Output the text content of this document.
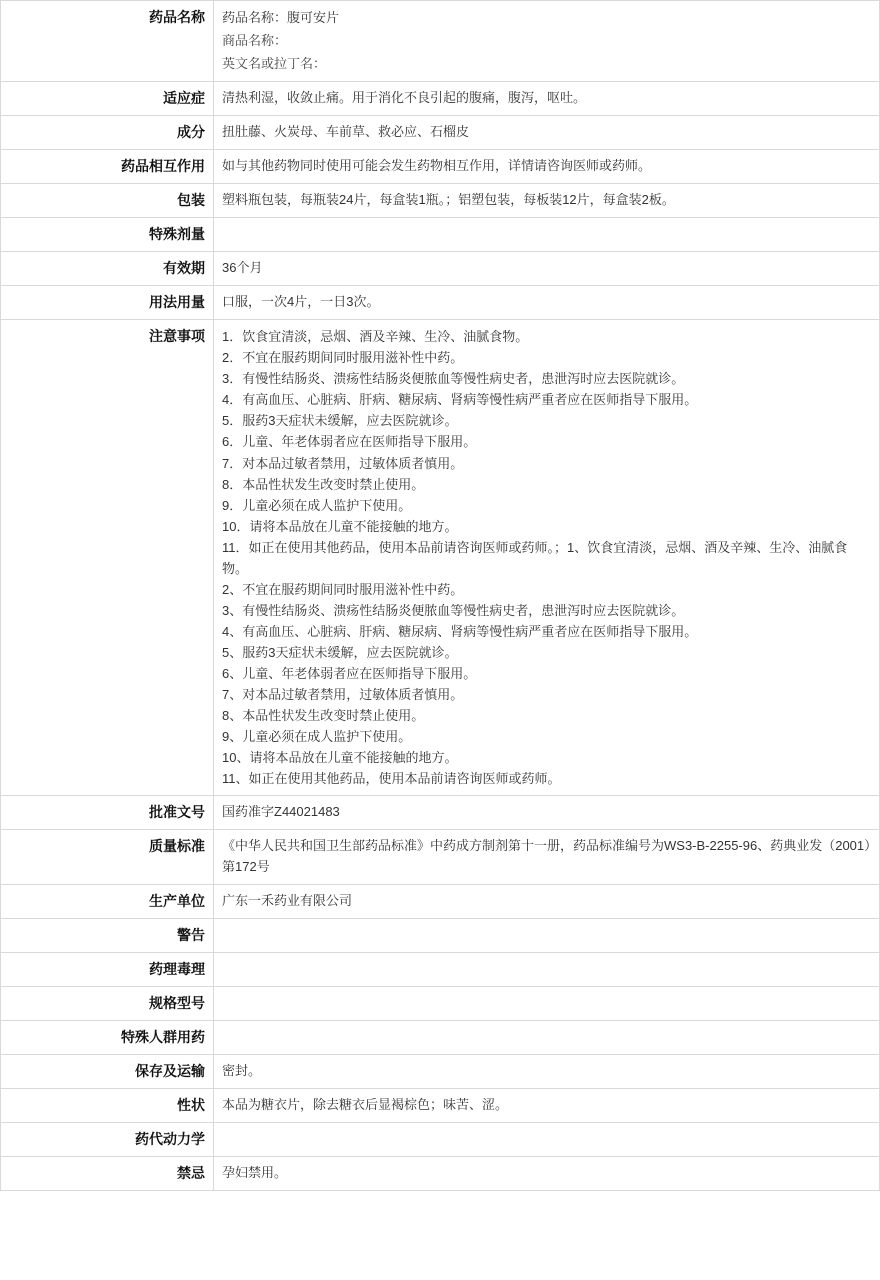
药品名称	药品名称：腹可安片
商品名称：
英文名或拉丁名：

适应症	清热利湿，收敛止痛。用于消化不良引起的腹痛，腹泻，呕吐。
成分	扭肚藤、火炭母、车前草、救必应、石榴皮
药品相互作用	如与其他药物同时使用可能会发生药物相互作用，详情请咨询医师或药师。
包装	塑料瓶包装，每瓶装24片，每盒装1瓶。；铝塑包装，每板装12片，每盒装2板。
特殊剂量	
有效期	36个月
用法用量	口服，一次4片，一日3次。
注意事项	1．饮食宜清淡，忌烟、酒及辛辣、生冷、油腻食物。
2．不宜在服药期间同时服用滋补性中药。
3．有慢性结肠炎、溃疡性结肠炎便脓血等慢性病史者，患泄泻时应去医院就诊。
4．有高血压、心脏病、肝病、糖尿病、肾病等慢性病严重者应在医师指导下服用。
5．服药3天症状未缓解，应去医院就诊。
6．儿童、年老体弱者应在医师指导下服用。
7．对本品过敏者禁用，过敏体质者慎用。
8．本品性状发生改变时禁止使用。
9．儿童必须在成人监护下使用。
10．请将本品放在儿童不能接触的地方。
11．如正在使用其他药品，使用本品前请咨询医师或药师。；1、饮食宜清淡，忌烟、酒及辛辣、生冷、油腻食物。
2、不宜在服药期间同时服用滋补性中药。
3、有慢性结肠炎、溃疡性结肠炎便脓血等慢性病史者，患泄泻时应去医院就诊。
4、有高血压、心脏病、肝病、糖尿病、肾病等慢性病严重者应在医师指导下服用。
5、服药3天症状未缓解，应去医院就诊。
6、儿童、年老体弱者应在医师指导下服用。
7、对本品过敏者禁用，过敏体质者慎用。
8、本品性状发生改变时禁止使用。
9、儿童必须在成人监护下使用。
10、请将本品放在儿童不能接触的地方。
11、如正在使用其他药品，使用本品前请咨询医师或药师。

批准文号	国药准字Z44021483
质量标准	《中华人民共和国卫生部药品标准》中药成方制剂第十一册，药品标准编号为WS3-B-2255-96、药典业发（2001）第172号
生产单位	广东一禾药业有限公司
警告	
药理毒理	
规格型号	
特殊人群用药	
保存及运输	密封。
性状	本品为糖衣片，除去糖衣后显褐棕色；味苦、涩。
药代动力学	
禁忌	孕妇禁用。
